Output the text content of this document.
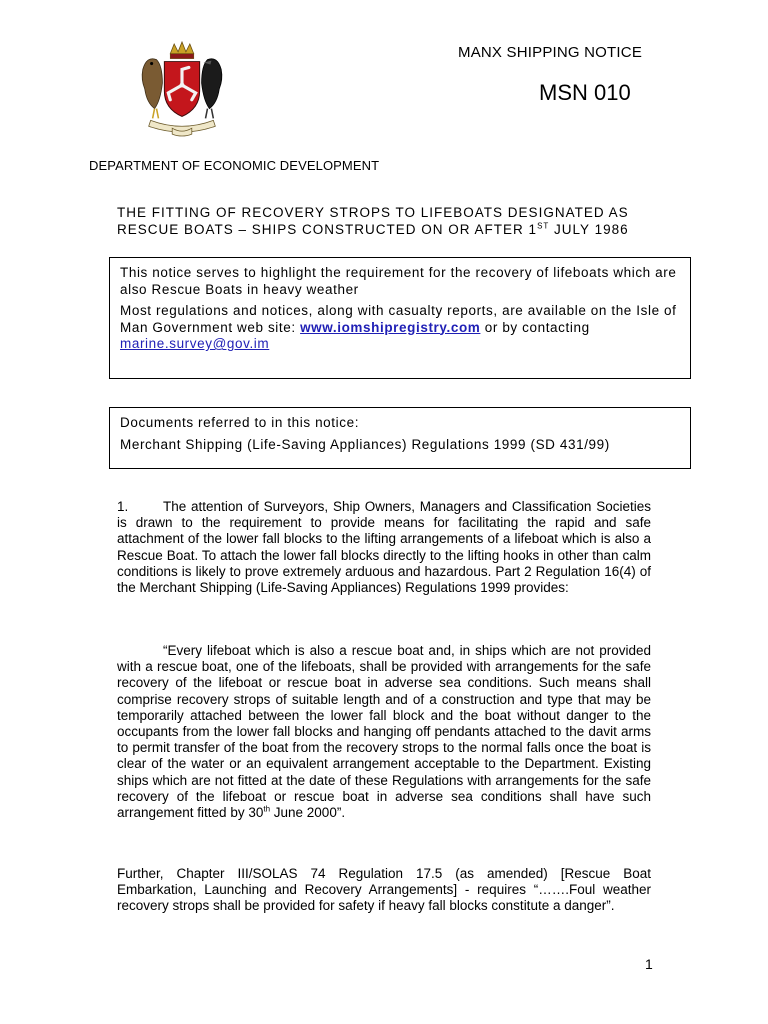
MANX SHIPPING NOTICE
MSN 010
DEPARTMENT OF ECONOMIC DEVELOPMENT
THE FITTING OF RECOVERY STROPS TO LIFEBOATS DESIGNATED AS
RESCUE BOATS – SHIPS CONSTRUCTED ON OR AFTER 1ST JULY 1986

This notice serves to highlight the requirement for the recovery of lifeboats which are also Rescue Boats in heavy weather

Most regulations and notices, along with casualty reports, are available on the Isle of Man Government web site: www.iomshipregistry.com or by contacting marine.survey@gov.im

Documents referred to in this notice:

Merchant Shipping (Life-Saving Appliances) Regulations 1999 (SD 431/99)

1.	The attention of Surveyors, Ship Owners, Managers and Classification Societies is drawn to the requirement to provide means for facilitating the rapid and safe attachment of the lower fall blocks to the lifting arrangements of a lifeboat which is also a Rescue Boat. To attach the lower fall blocks directly to the lifting hooks in other than calm conditions is likely to prove extremely arduous and hazardous. Part 2 Regulation 16(4) of the Merchant Shipping (Life-Saving Appliances) Regulations 1999 provides:

“Every lifeboat which is also a rescue boat and, in ships which are not provided with a rescue boat, one of the lifeboats, shall be provided with arrangements for the safe recovery of the lifeboat or rescue boat in adverse sea conditions. Such means shall comprise recovery strops of suitable length and of a construction and type that may be temporarily attached between the lower fall block and the boat without danger to the occupants from the lower fall blocks and hanging off pendants attached to the davit arms to permit transfer of the boat from the recovery strops to the normal falls once the boat is clear of the water or an equivalent arrangement acceptable to the Department. Existing ships which are not fitted at the date of these Regulations with arrangements for the safe recovery of the lifeboat or rescue boat in adverse sea conditions shall have such arrangement fitted by 30th June 2000”.

Further, Chapter III/SOLAS 74 Regulation 17.5 (as amended) [Rescue Boat Embarkation, Launching and Recovery Arrangements] - requires “…….Foul weather recovery strops shall be provided for safety if heavy fall blocks constitute a danger”.

1
